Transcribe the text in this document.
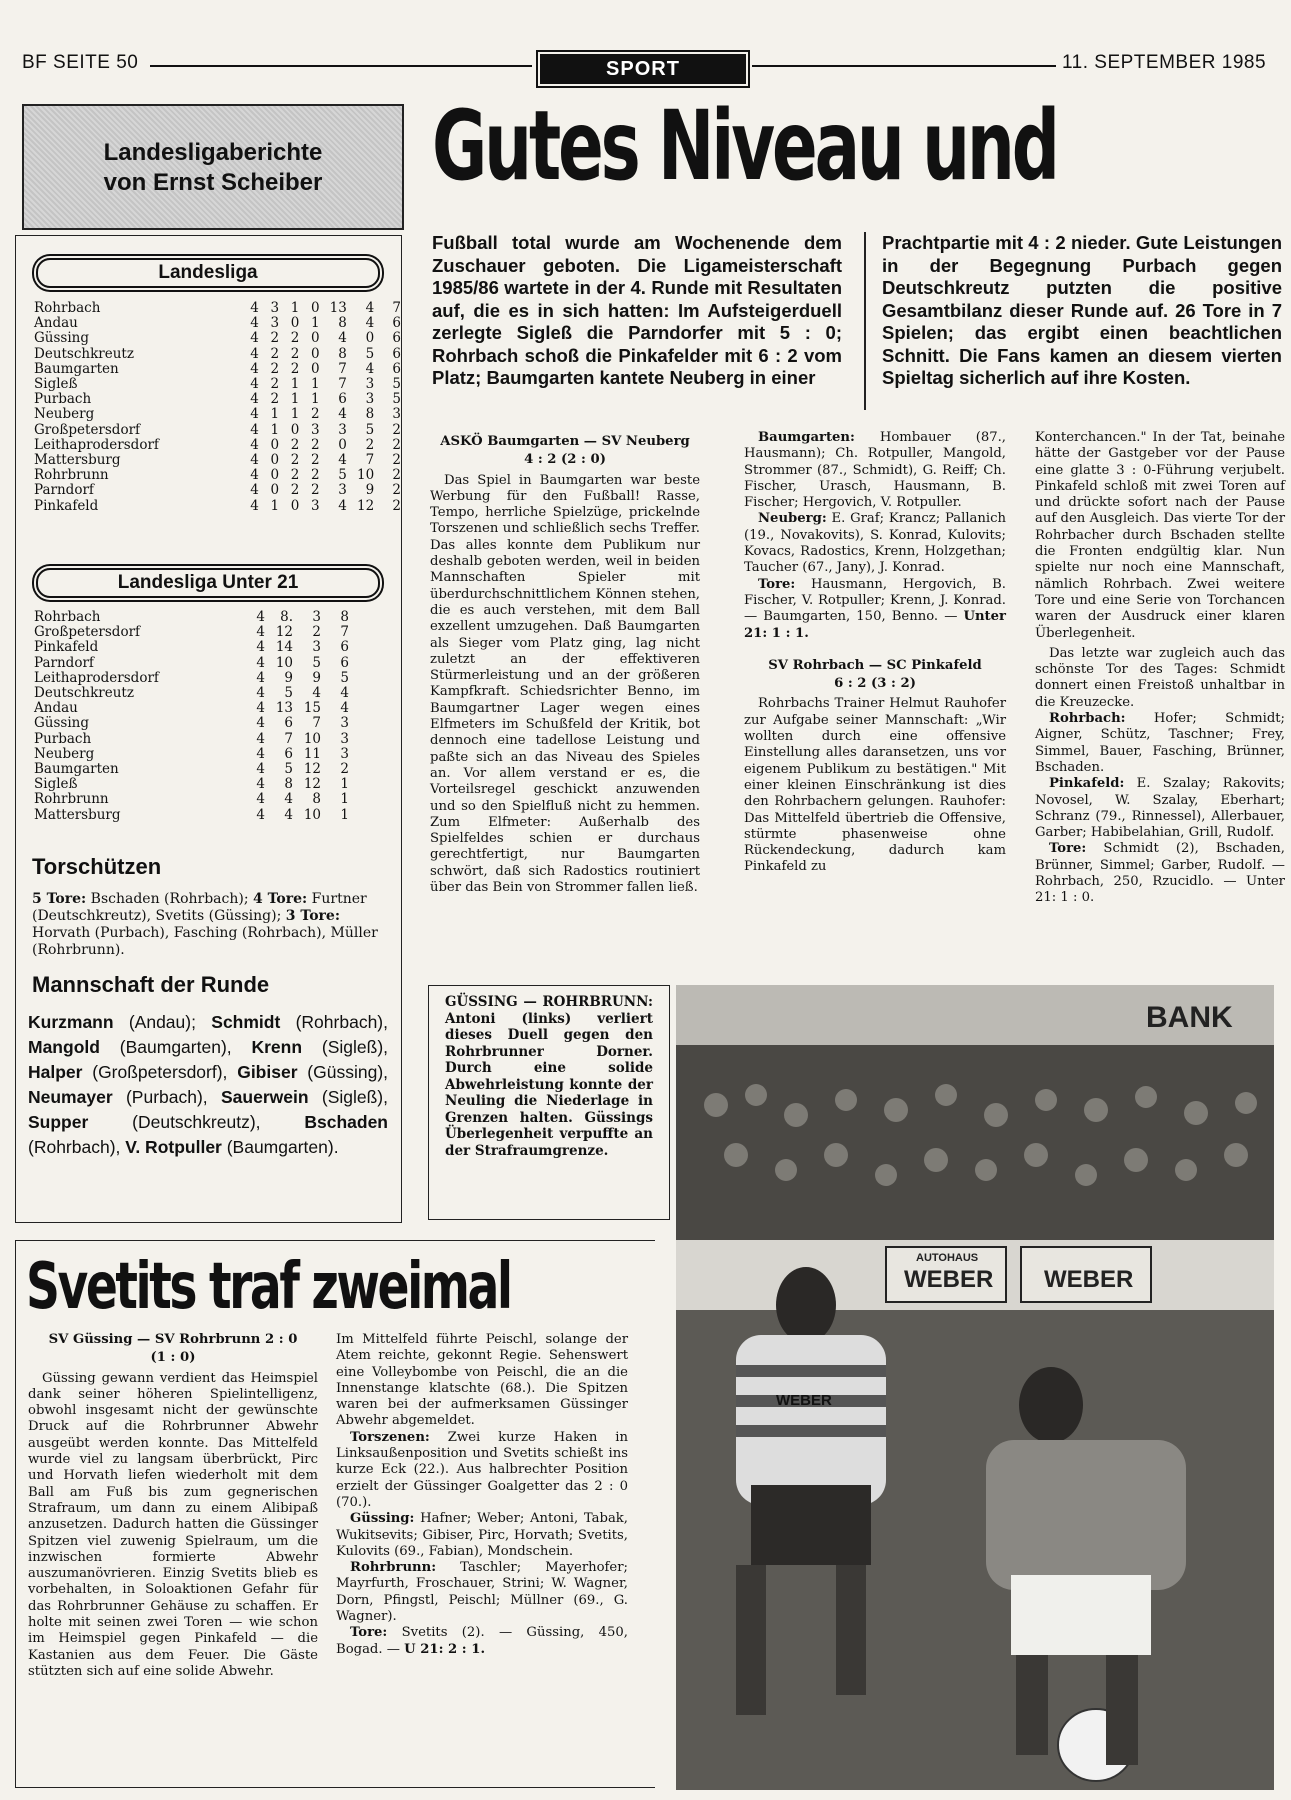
BF SEITE 50	SPORT	11. SEPTEMBER 1985
Landesligaberichte
von Ernst Scheiber
Landesliga
Rohrbach	4	3	1	0	13	4	7
Andau	4	3	0	1	8	4	6
Güssing	4	2	2	0	4	0	6
Deutschkreutz	4	2	2	0	8	5	6
Baumgarten	4	2	2	0	7	4	6
Sigleß	4	2	1	1	7	3	5
Purbach	4	2	1	1	6	3	5
Neuberg	4	1	1	2	4	8	3
Großpetersdorf	4	1	0	3	3	5	2
Leithaprodersdorf	4	0	2	2	0	2	2
Mattersburg	4	0	2	2	4	7	2
Rohrbrunn	4	0	2	2	5	10	2
Parndorf	4	0	2	2	3	9	2
Pinkafeld	4	1	0	3	4	12	2
Landesliga Unter 21
Rohrbach	4	8.	3	8
Großpetersdorf	4	12	2	7
Pinkafeld	4	14	3	6
Parndorf	4	10	5	6
Leithaprodersdorf	4	9	9	5
Deutschkreutz	4	5	4	4
Andau	4	13	15	4
Güssing	4	6	7	3
Purbach	4	7	10	3
Neuberg	4	6	11	3
Baumgarten	4	5	12	2
Sigleß	4	8	12	1
Rohrbrunn	4	4	8	1
Mattersburg	4	4	10	1
Torschützen
5 Tore: Bschaden (Rohrbach); 4 Tore: Furtner (Deutschkreutz), Svetits (Güssing); 3 Tore: Horvath (Purbach), Fasching (Rohrbach), Müller (Rohrbrunn).
Mannschaft der Runde
Kurzmann (Andau); Schmidt (Rohrbach), Mangold (Baumgarten), Krenn (Sigleß), Halper (Großpetersdorf), Gibiser (Güssing), Neumayer (Purbach), Sauerwein (Sigleß), Supper (Deutschkreutz), Bschaden (Rohrbach), V. Rotpuller (Baumgarten).
Gutes Niveau und
Fußball total wurde am Wochenende dem Zuschauer geboten. Die Ligameisterschaft 1985/86 wartete in der 4. Runde mit Resultaten auf, die es in sich hatten: Im Aufsteigerduell zerlegte Sigleß die Parndorfer mit 5 : 0; Rohrbach schoß die Pinkafelder mit 6 : 2 vom Platz; Baumgarten kantete Neuberg in einer
Prachtpartie mit 4 : 2 nieder. Gute Leistungen in der Begegnung Purbach gegen Deutschkreutz putzten die positive Gesamtbilanz dieser Runde auf. 26 Tore in 7 Spielen; das ergibt einen beachtlichen Schnitt. Die Fans kamen an diesem vierten Spieltag sicherlich auf ihre Kosten.
ASKÖ Baumgarten — SV Neuberg
4 : 2 (2 : 0)

Das Spiel in Baumgarten war beste Werbung für den Fußball! Rasse, Tempo, herrliche Spielzüge, prickelnde Torszenen und schließlich sechs Treffer. Das alles konnte dem Publikum nur deshalb geboten werden, weil in beiden Mannschaften Spieler mit überdurchschnittlichem Können stehen, die es auch verstehen, mit dem Ball exzellent umzugehen. Daß Baumgarten als Sieger vom Platz ging, lag nicht zuletzt an der effektiveren Stürmerleistung und an der größeren Kampfkraft. Schiedsrichter Benno, im Baumgartner Lager wegen eines Elfmeters im Schußfeld der Kritik, bot dennoch eine tadellose Leistung und paßte sich an das Niveau des Spieles an. Vor allem verstand er es, die Vorteilsregel geschickt anzuwenden und so den Spielfluß nicht zu hemmen. Zum Elfmeter: Außerhalb des Spielfeldes schien er durchaus gerechtfertigt, nur Baumgarten schwört, daß sich Radostics routiniert über das Bein von Strommer fallen ließ.

Baumgarten: Hombauer (87., Hausmann); Ch. Rotpuller, Mangold, Strommer (87., Schmidt), G. Reiff; Ch. Fischer, Urasch, Hausmann, B. Fischer; Hergovich, V. Rotpuller.

Neuberg: E. Graf; Krancz; Pallanich (19., Novakovits), S. Konrad, Kulovits; Kovacs, Radostics, Krenn, Holzgethan; Taucher (67., Jany), J. Konrad.

Tore: Hausmann, Hergovich, B. Fischer, V. Rotpuller; Krenn, J. Konrad. — Baumgarten, 150, Benno. — Unter 21: 1 : 1.

SV Rohrbach — SC Pinkafeld
6 : 2 (3 : 2)

Rohrbachs Trainer Helmut Rauhofer zur Aufgabe seiner Mannschaft: „Wir wollten durch eine offensive Einstellung alles daransetzen, uns vor eigenem Publikum zu bestätigen." Mit einer kleinen Einschränkung ist dies den Rohrbachern gelungen. Rauhofer: Das Mittelfeld übertrieb die Offensive, stürmte phasenweise ohne Rückendeckung, dadurch kam Pinkafeld zu

Konterchancen." In der Tat, beinahe hätte der Gastgeber vor der Pause eine glatte 3 : 0-Führung verjubelt. Pinkafeld schloß mit zwei Toren auf und drückte sofort nach der Pause auf den Ausgleich. Das vierte Tor der Rohrbacher durch Bschaden stellte die Fronten endgültig klar. Nun spielte nur noch eine Mannschaft, nämlich Rohrbach. Zwei weitere Tore und eine Serie von Torchancen waren der Ausdruck einer klaren Überlegenheit.

Das letzte war zugleich auch das schönste Tor des Tages: Schmidt donnert einen Freistoß unhaltbar in die Kreuzecke.

Rohrbach: Hofer; Schmidt; Aigner, Schütz, Taschner; Frey, Simmel, Bauer, Fasching, Brünner, Bschaden.

Pinkafeld: E. Szalay; Rakovits; Novosel, W. Szalay, Eberhart; Schranz (79., Rinnessel), Allerbauer, Garber; Habibelahian, Grill, Rudolf.

Tore: Schmidt (2), Bschaden, Brünner, Simmel; Garber, Rudolf. — Rohrbach, 250, Rzucidlo. — Unter 21: 1 : 0.

BANK
WEBER WEBER
AUTOHAUS
WEBER
GÜSSING — ROHRBRUNN: Antoni (links) verliert dieses Duell gegen den Rohrbrunner Dorner. Durch eine solide Abwehrleistung konnte der Neuling die Niederlage in Grenzen halten. Güssings Überlegenheit verpuffte an der Strafraumgrenze.
Svetits traf zweimal
SV Güssing — SV Rohrbrunn 2 : 0
(1 : 0)

Güssing gewann verdient das Heimspiel dank seiner höheren Spielintelligenz, obwohl insgesamt nicht der gewünschte Druck auf die Rohrbrunner Abwehr ausgeübt werden konnte. Das Mittelfeld wurde viel zu langsam überbrückt, Pirc und Horvath liefen wiederholt mit dem Ball am Fuß bis zum gegnerischen Strafraum, um dann zu einem Alibipaß anzusetzen. Dadurch hatten die Güssinger Spitzen viel zuwenig Spielraum, um die inzwischen formierte Abwehr auszumanövrieren. Einzig Svetits blieb es vorbehalten, in Soloaktionen Gefahr für das Rohrbrunner Gehäuse zu schaffen. Er holte mit seinen zwei Toren — wie schon im Heimspiel gegen Pinkafeld — die Kastanien aus dem Feuer. Die Gäste stützten sich auf eine solide Abwehr.

Im Mittelfeld führte Peischl, solange der Atem reichte, gekonnt Regie. Sehenswert eine Volleybombe von Peischl, die an die Innenstange klatschte (68.). Die Spitzen waren bei der aufmerksamen Güssinger Abwehr abgemeldet.

Torszenen: Zwei kurze Haken in Linksaußenposition und Svetits schießt ins kurze Eck (22.). Aus halbrechter Position erzielt der Güssinger Goalgetter das 2 : 0 (70.).

Güssing: Hafner; Weber; Antoni, Tabak, Wukitsevits; Gibiser, Pirc, Horvath; Svetits, Kulovits (69., Fabian), Mondschein.

Rohrbrunn: Taschler; Mayerhofer; Mayrfurth, Froschauer, Strini; W. Wagner, Dorn, Pfingstl, Peischl; Müllner (69., G. Wagner).

Tore: Svetits (2). — Güssing, 450, Bogad. — U 21: 2 : 1.
